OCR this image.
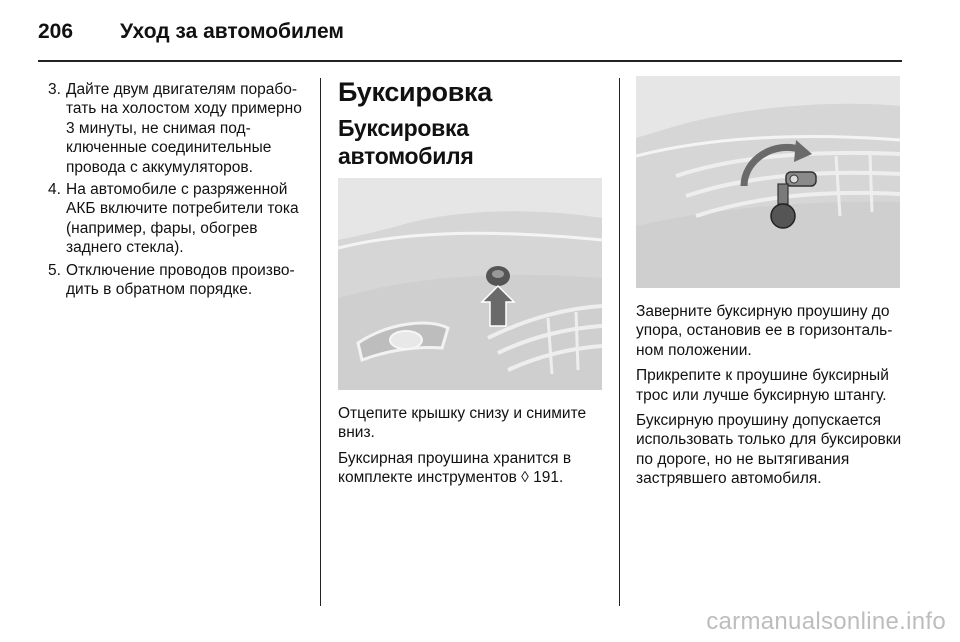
206 Уход за автомобилем
3. Дайте двум двигателям поработать на холостом ходу примерно 3 минуты, не снимая подключенные соединительные провода с аккумуляторов.
4. На автомобиле с разряженной АКБ включите потребители тока (например, фары, обогрев заднего стекла).
5. Отключение проводов производить в обратном порядке.
Буксировка
Буксировка автомобиля

Отцепите крышку снизу и снимите вниз.

Буксирная проушина хранится в комплекте инструментов ◊ 191.

Заверните буксирную проушину до упора, остановив ее в горизонтальном положении.

Прикрепите к проушине буксирный трос или лучше буксирную штангу.

Буксирную проушину допускается использовать только для буксировки по дороге, но не вытягивания застрявшего автомобиля.

carmanualsonline.info
